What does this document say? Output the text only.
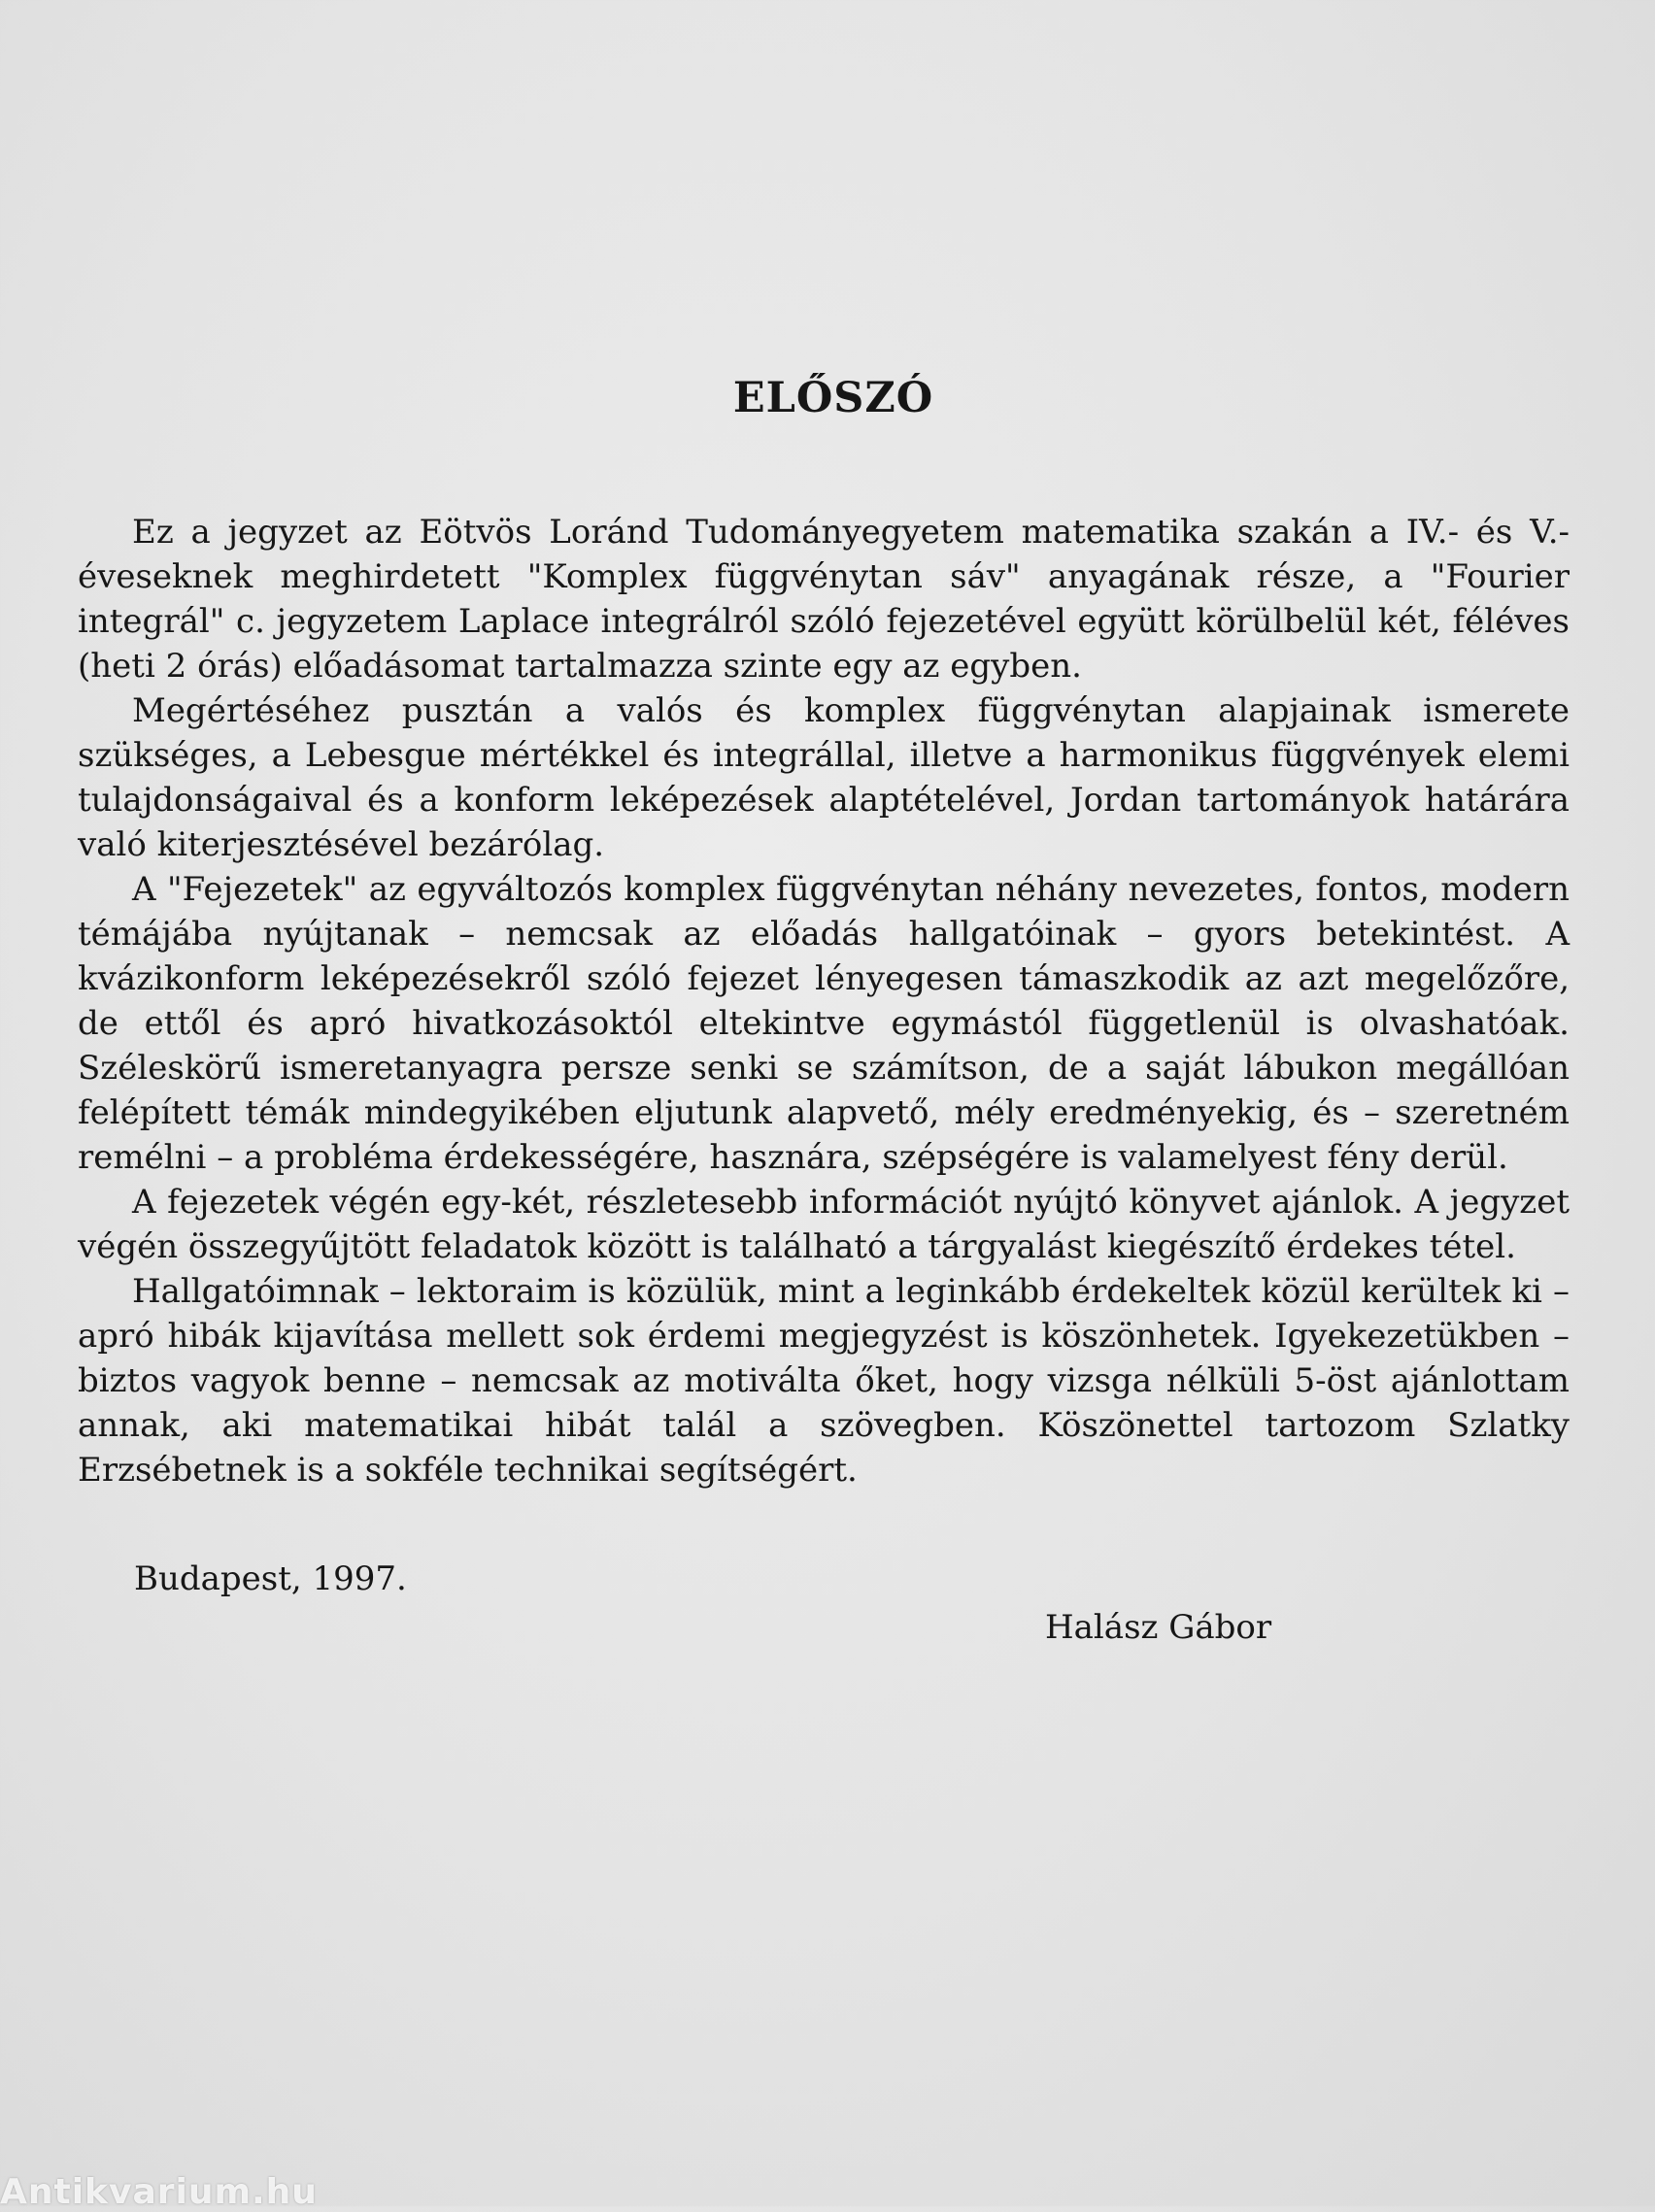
ELŐSZÓ

Ez a jegyzet az Eötvös Loránd Tudományegyetem matematika szakán a IV.- és V.-éveseknek meghirdetett "Komplex függvénytan sáv" anyagának része, a "Fourier integrál" c. jegyzetem Laplace integrálról szóló fejezetével együtt körülbelül két, féléves (heti 2 órás) előadásomat tartalmazza szinte egy az egyben.

Megértéséhez pusztán a valós és komplex függvénytan alapjainak ismerete szükséges, a Lebesgue mértékkel és integrállal, illetve a harmonikus függvények elemi tulajdonságaival és a konform leképezések alaptételével, Jordan tartományok határára való kiterjesztésével bezárólag.

A "Fejezetek" az egyváltozós komplex függvénytan néhány nevezetes, fontos, modern témájába nyújtanak – nemcsak az előadás hallgatóinak – gyors betekintést. A kvázikonform leképezésekről szóló fejezet lényegesen támaszkodik az azt megelőzőre, de ettől és apró hivatkozásoktól eltekintve egymástól függetlenül is olvashatóak. Széleskörű ismeretanyagra persze senki se számítson, de a saját lábukon megállóan felépített témák mindegyikében eljutunk alapvető, mély eredményekig, és – szeretném remélni – a probléma érdekességére, hasznára, szépségére is valamelyest fény derül.

A fejezetek végén egy-két, részletesebb információt nyújtó könyvet ajánlok. A jegyzet végén összegyűjtött feladatok között is található a tárgyalást kiegészítő érdekes tétel.

Hallgatóimnak – lektoraim is közülük, mint a leginkább érdekeltek közül kerültek ki – apró hibák kijavítása mellett sok érdemi megjegyzést is köszönhetek. Igyekezetükben – biztos vagyok benne – nemcsak az motiválta őket, hogy vizsga nélküli 5-öst ajánlottam annak, aki matematikai hibát talál a szövegben. Köszönettel tartozom Szlatky Erzsébetnek is a sokféle technikai segítségért.

Budapest, 1997.
Halász Gábor
Antikvarium.hu
